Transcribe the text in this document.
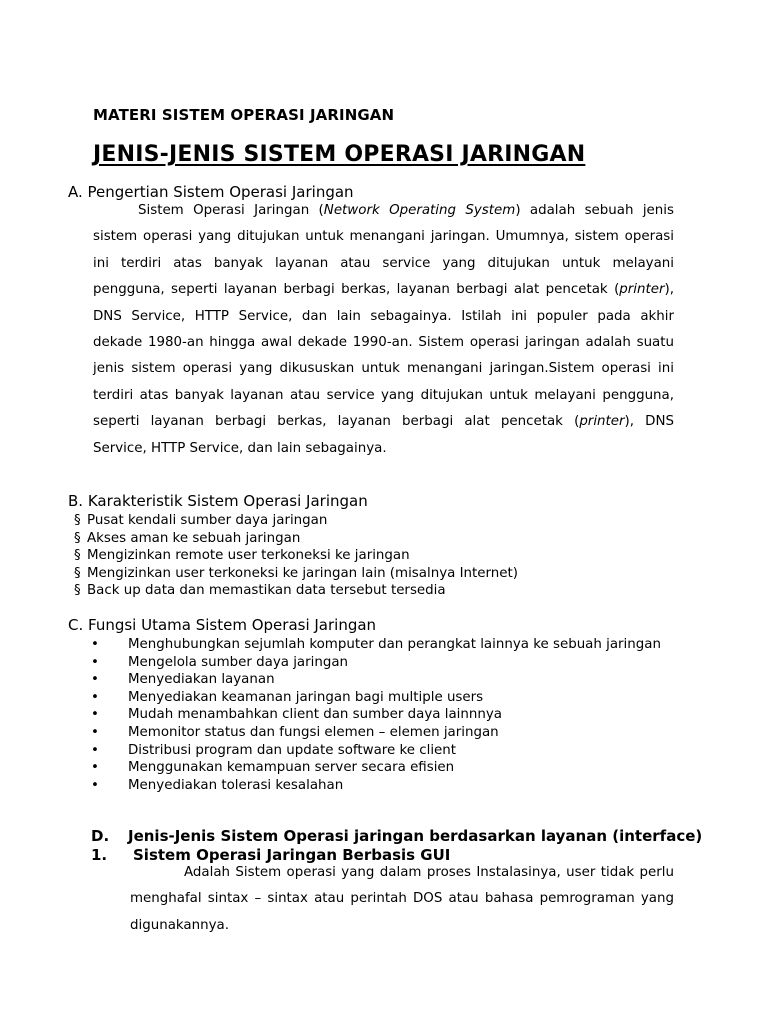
MATERI SISTEM OPERASI JARINGAN
JENIS-JENIS SISTEM OPERASI JARINGAN
A. Pengertian Sistem Operasi Jaringan
Sistem Operasi Jaringan (Network Operating System) adalah sebuah jenis
sistem operasi yang ditujukan untuk menangani jaringan. Umumnya, sistem operasi
ini terdiri atas banyak layanan atau service yang ditujukan untuk melayani
pengguna, seperti layanan berbagi berkas, layanan berbagi alat pencetak (printer),
DNS Service, HTTP Service, dan lain sebagainya. Istilah ini populer pada akhir
dekade 1980-an hingga awal dekade 1990-an. Sistem operasi jaringan adalah suatu
jenis sistem operasi yang dikususkan untuk menangani jaringan.Sistem operasi ini
terdiri atas banyak layanan atau service yang ditujukan untuk melayani pengguna,
seperti layanan berbagi berkas, layanan berbagi alat pencetak (printer), DNS
Service, HTTP Service, dan lain sebagainya.
B. Karakteristik Sistem Operasi Jaringan
§ Pusat kendali sumber daya jaringan
§ Akses aman ke sebuah jaringan
§ Mengizinkan remote user terkoneksi ke jaringan
§ Mengizinkan user terkoneksi ke jaringan lain (misalnya Internet)
§ Back up data dan memastikan data tersebut tersedia
C. Fungsi Utama Sistem Operasi Jaringan
• Menghubungkan sejumlah komputer dan perangkat lainnya ke sebuah jaringan
• Mengelola sumber daya jaringan
• Menyediakan layanan
• Menyediakan keamanan jaringan bagi multiple users
• Mudah menambahkan client dan sumber daya lainnnya
• Memonitor status dan fungsi elemen – elemen jaringan
• Distribusi program dan update software ke client
• Menggunakan kemampuan server secara efisien
• Menyediakan tolerasi kesalahan
D. Jenis-Jenis Sistem Operasi jaringan berdasarkan layanan (interface)
1. Sistem Operasi Jaringan Berbasis GUI
Adalah Sistem operasi yang dalam proses Instalasinya, user tidak perlu
menghafal sintax – sintax atau perintah DOS atau bahasa pemrograman yang
digunakannya.
